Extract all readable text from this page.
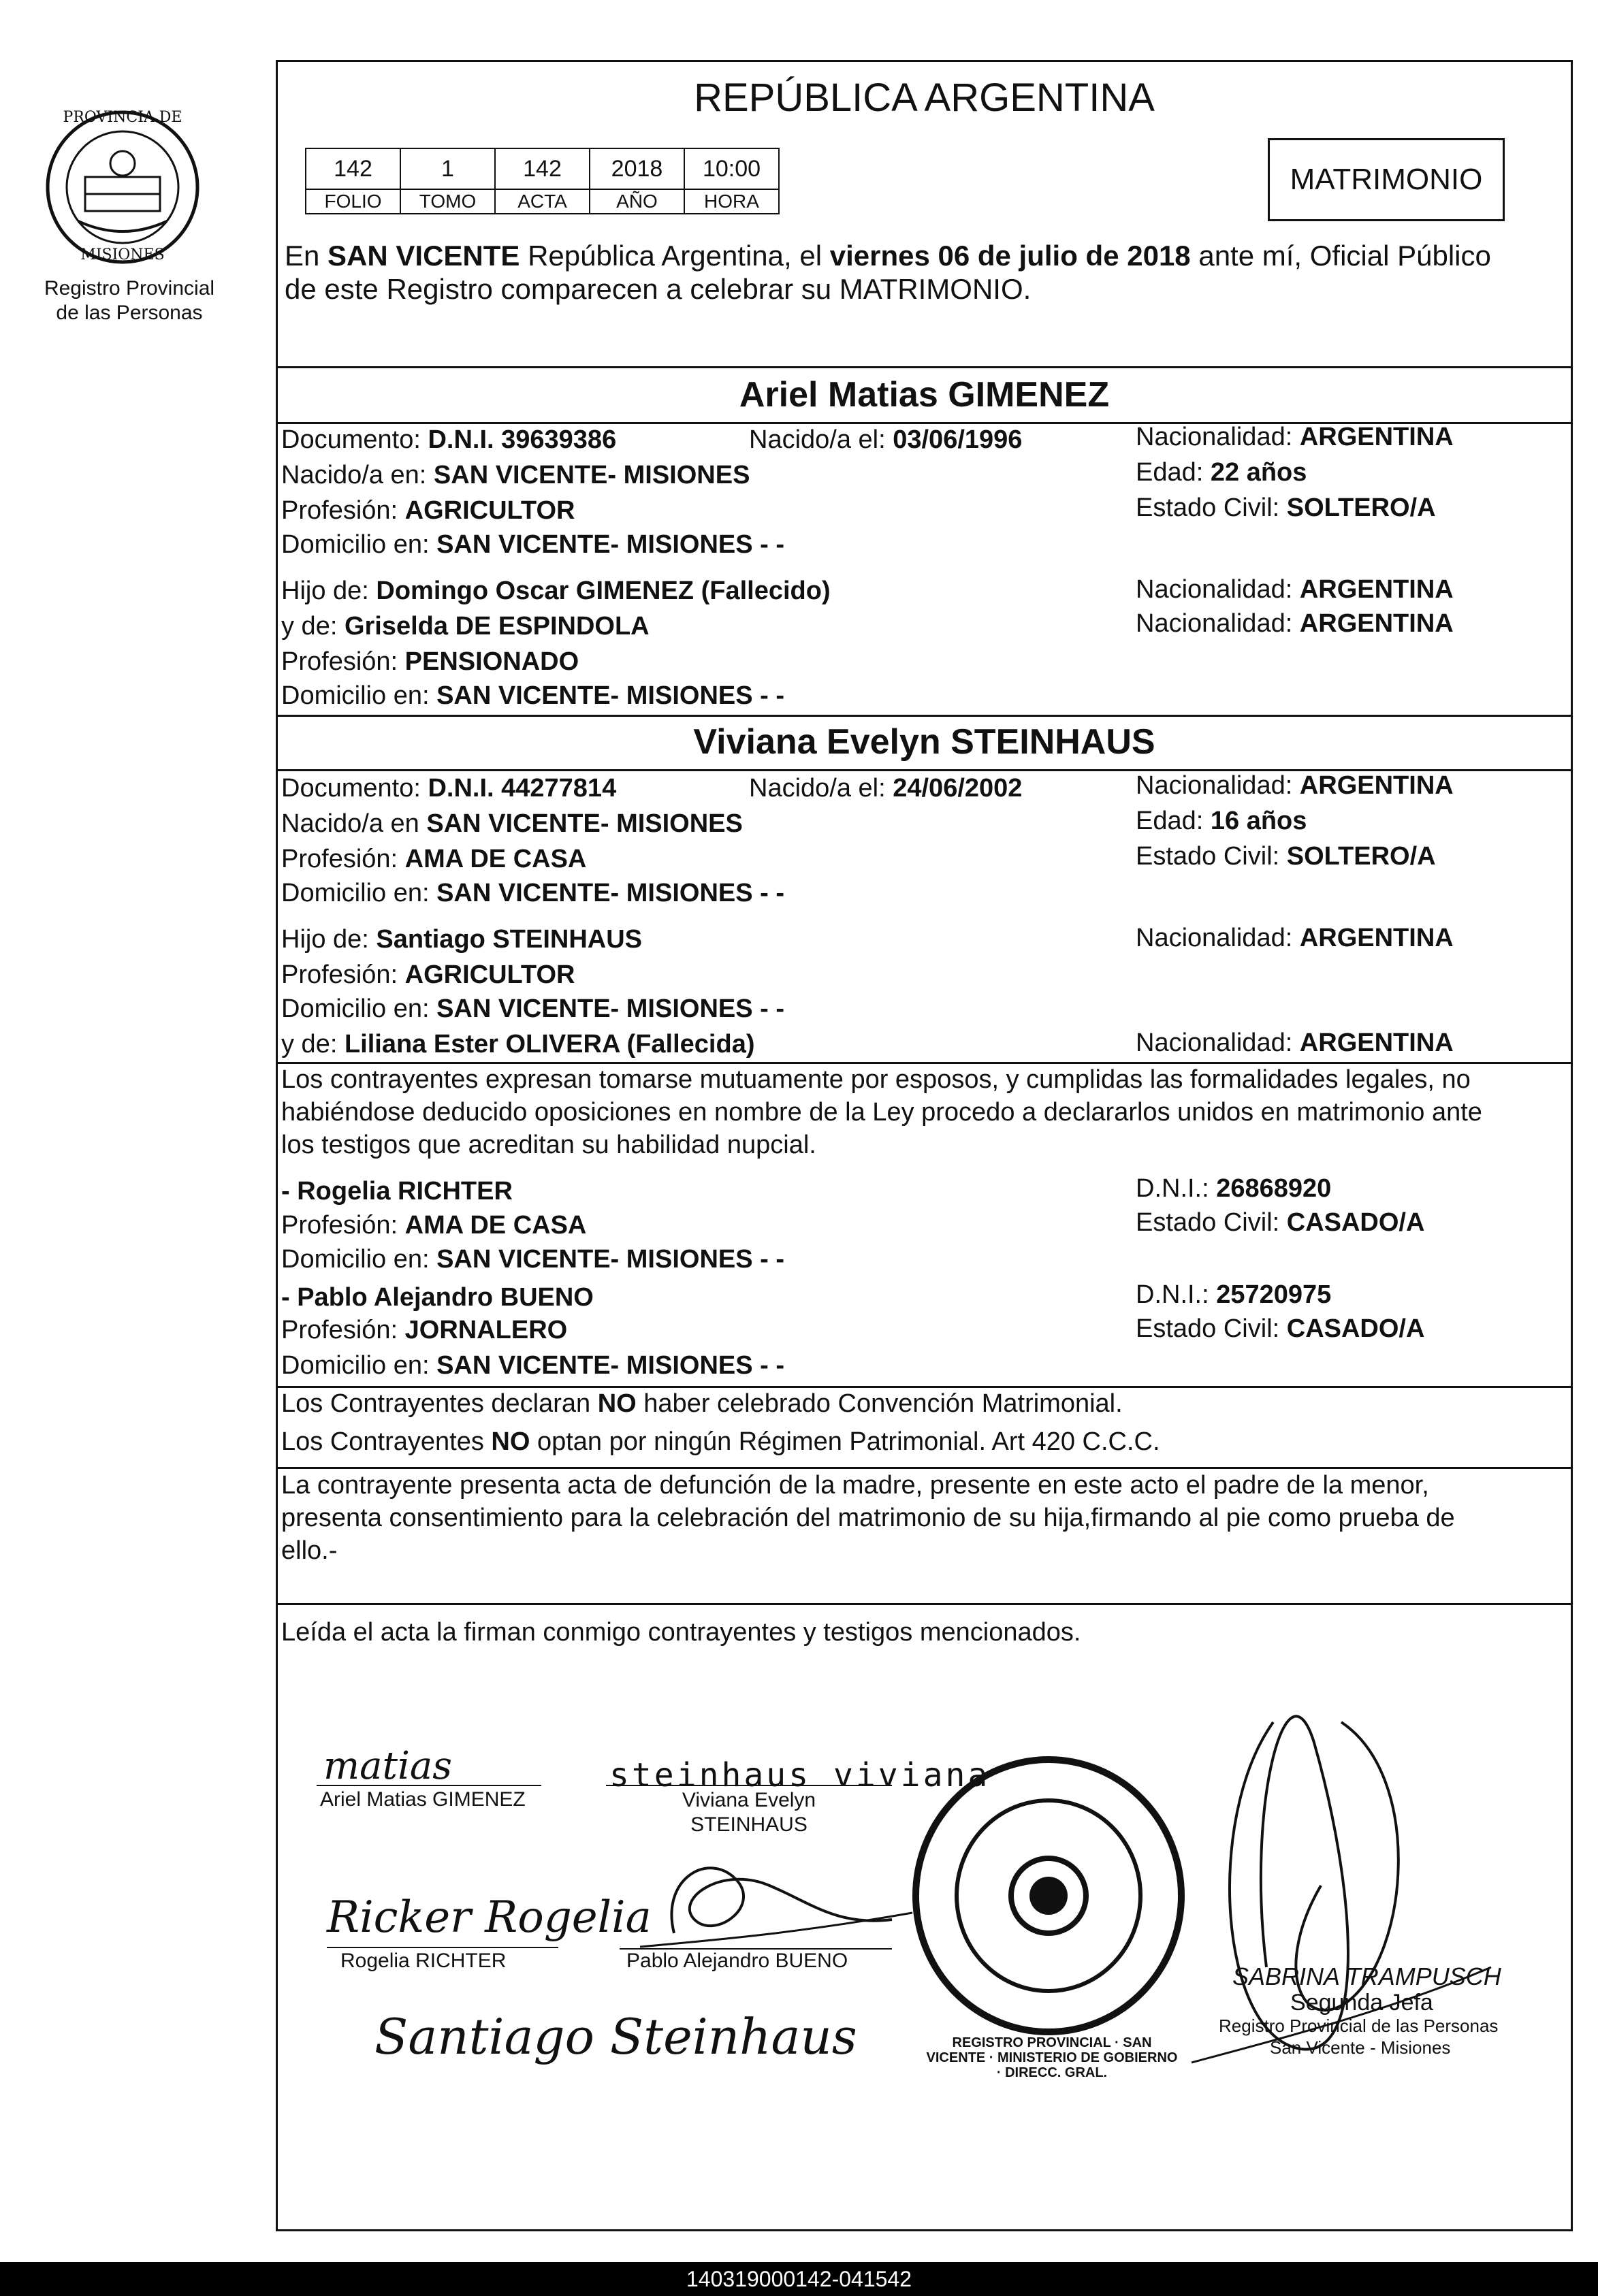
PROVINCIA DE
MISIONES
Registro Provincial
de las Personas
REPÚBLICA ARGENTINA
142	1	142	2018	10:00
FOLIO	TOMO	ACTA	AÑO	HORA
MATRIMONIO
En SAN VICENTE República Argentina, el viernes 06 de julio de 2018 ante mí, Oficial Público
de este Registro comparecen a celebrar su MATRIMONIO.
Ariel Matias GIMENEZ
Documento: D.N.I. 39639386	Nacido/a el: 03/06/1996	Nacionalidad: ARGENTINA
Nacido/a en: SAN VICENTE- MISIONES	Edad: 22 años
Profesión: AGRICULTOR	Estado Civil: SOLTERO/A
Domicilio en: SAN VICENTE- MISIONES - -
Hijo de: Domingo Oscar GIMENEZ (Fallecido)	Nacionalidad: ARGENTINA
y de: Griselda DE ESPINDOLA	Nacionalidad: ARGENTINA
Profesión: PENSIONADO
Domicilio en: SAN VICENTE- MISIONES - -
Viviana Evelyn STEINHAUS
Documento: D.N.I. 44277814	Nacido/a el: 24/06/2002	Nacionalidad: ARGENTINA
Nacido/a en SAN VICENTE- MISIONES	Edad: 16 años
Profesión: AMA DE CASA	Estado Civil: SOLTERO/A
Domicilio en: SAN VICENTE- MISIONES - -
Hijo de: Santiago STEINHAUS	Nacionalidad: ARGENTINA
Profesión: AGRICULTOR
Domicilio en: SAN VICENTE- MISIONES - -
y de: Liliana Ester OLIVERA (Fallecida)	Nacionalidad: ARGENTINA
Los contrayentes expresan tomarse mutuamente por esposos, y cumplidas las formalidades legales, no
habiéndose deducido oposiciones en nombre de la Ley procedo a declararlos unidos en matrimonio ante
los testigos que acreditan su habilidad nupcial.
- Rogelia RICHTER	D.N.I.: 26868920
Profesión: AMA DE CASA	Estado Civil: CASADO/A
Domicilio en: SAN VICENTE- MISIONES - -
- Pablo Alejandro BUENO	D.N.I.: 25720975
Profesión: JORNALERO	Estado Civil: CASADO/A
Domicilio en: SAN VICENTE- MISIONES - -
Los Contrayentes declaran NO haber celebrado Convención Matrimonial.
Los Contrayentes NO optan por ningún Régimen Patrimonial. Art 420 C.C.C.
La contrayente presenta acta de defunción de la madre, presente en este acto el padre de la menor,
presenta consentimiento para la celebración del matrimonio de su hija,firmando al pie como prueba de
ello.-
Leída el acta la firman conmigo contrayentes y testigos mencionados.
matias
Ariel Matias GIMENEZ
steinhaus viviana
Viviana Evelyn
STEINHAUS
Ricker Rogelia
Rogelia RICHTER	Pablo Alejandro BUENO
Santiago Steinhaus	REGISTRO PROVINCIAL · SAN VICENTE · MINISTERIO DE GOBIERNO · DIRECC. GRAL.
SABRINA TRAMPUSCH
Segunda Jefa
Registro Provincial de las Personas
San Vicente - Misiones
140319000142-041542
